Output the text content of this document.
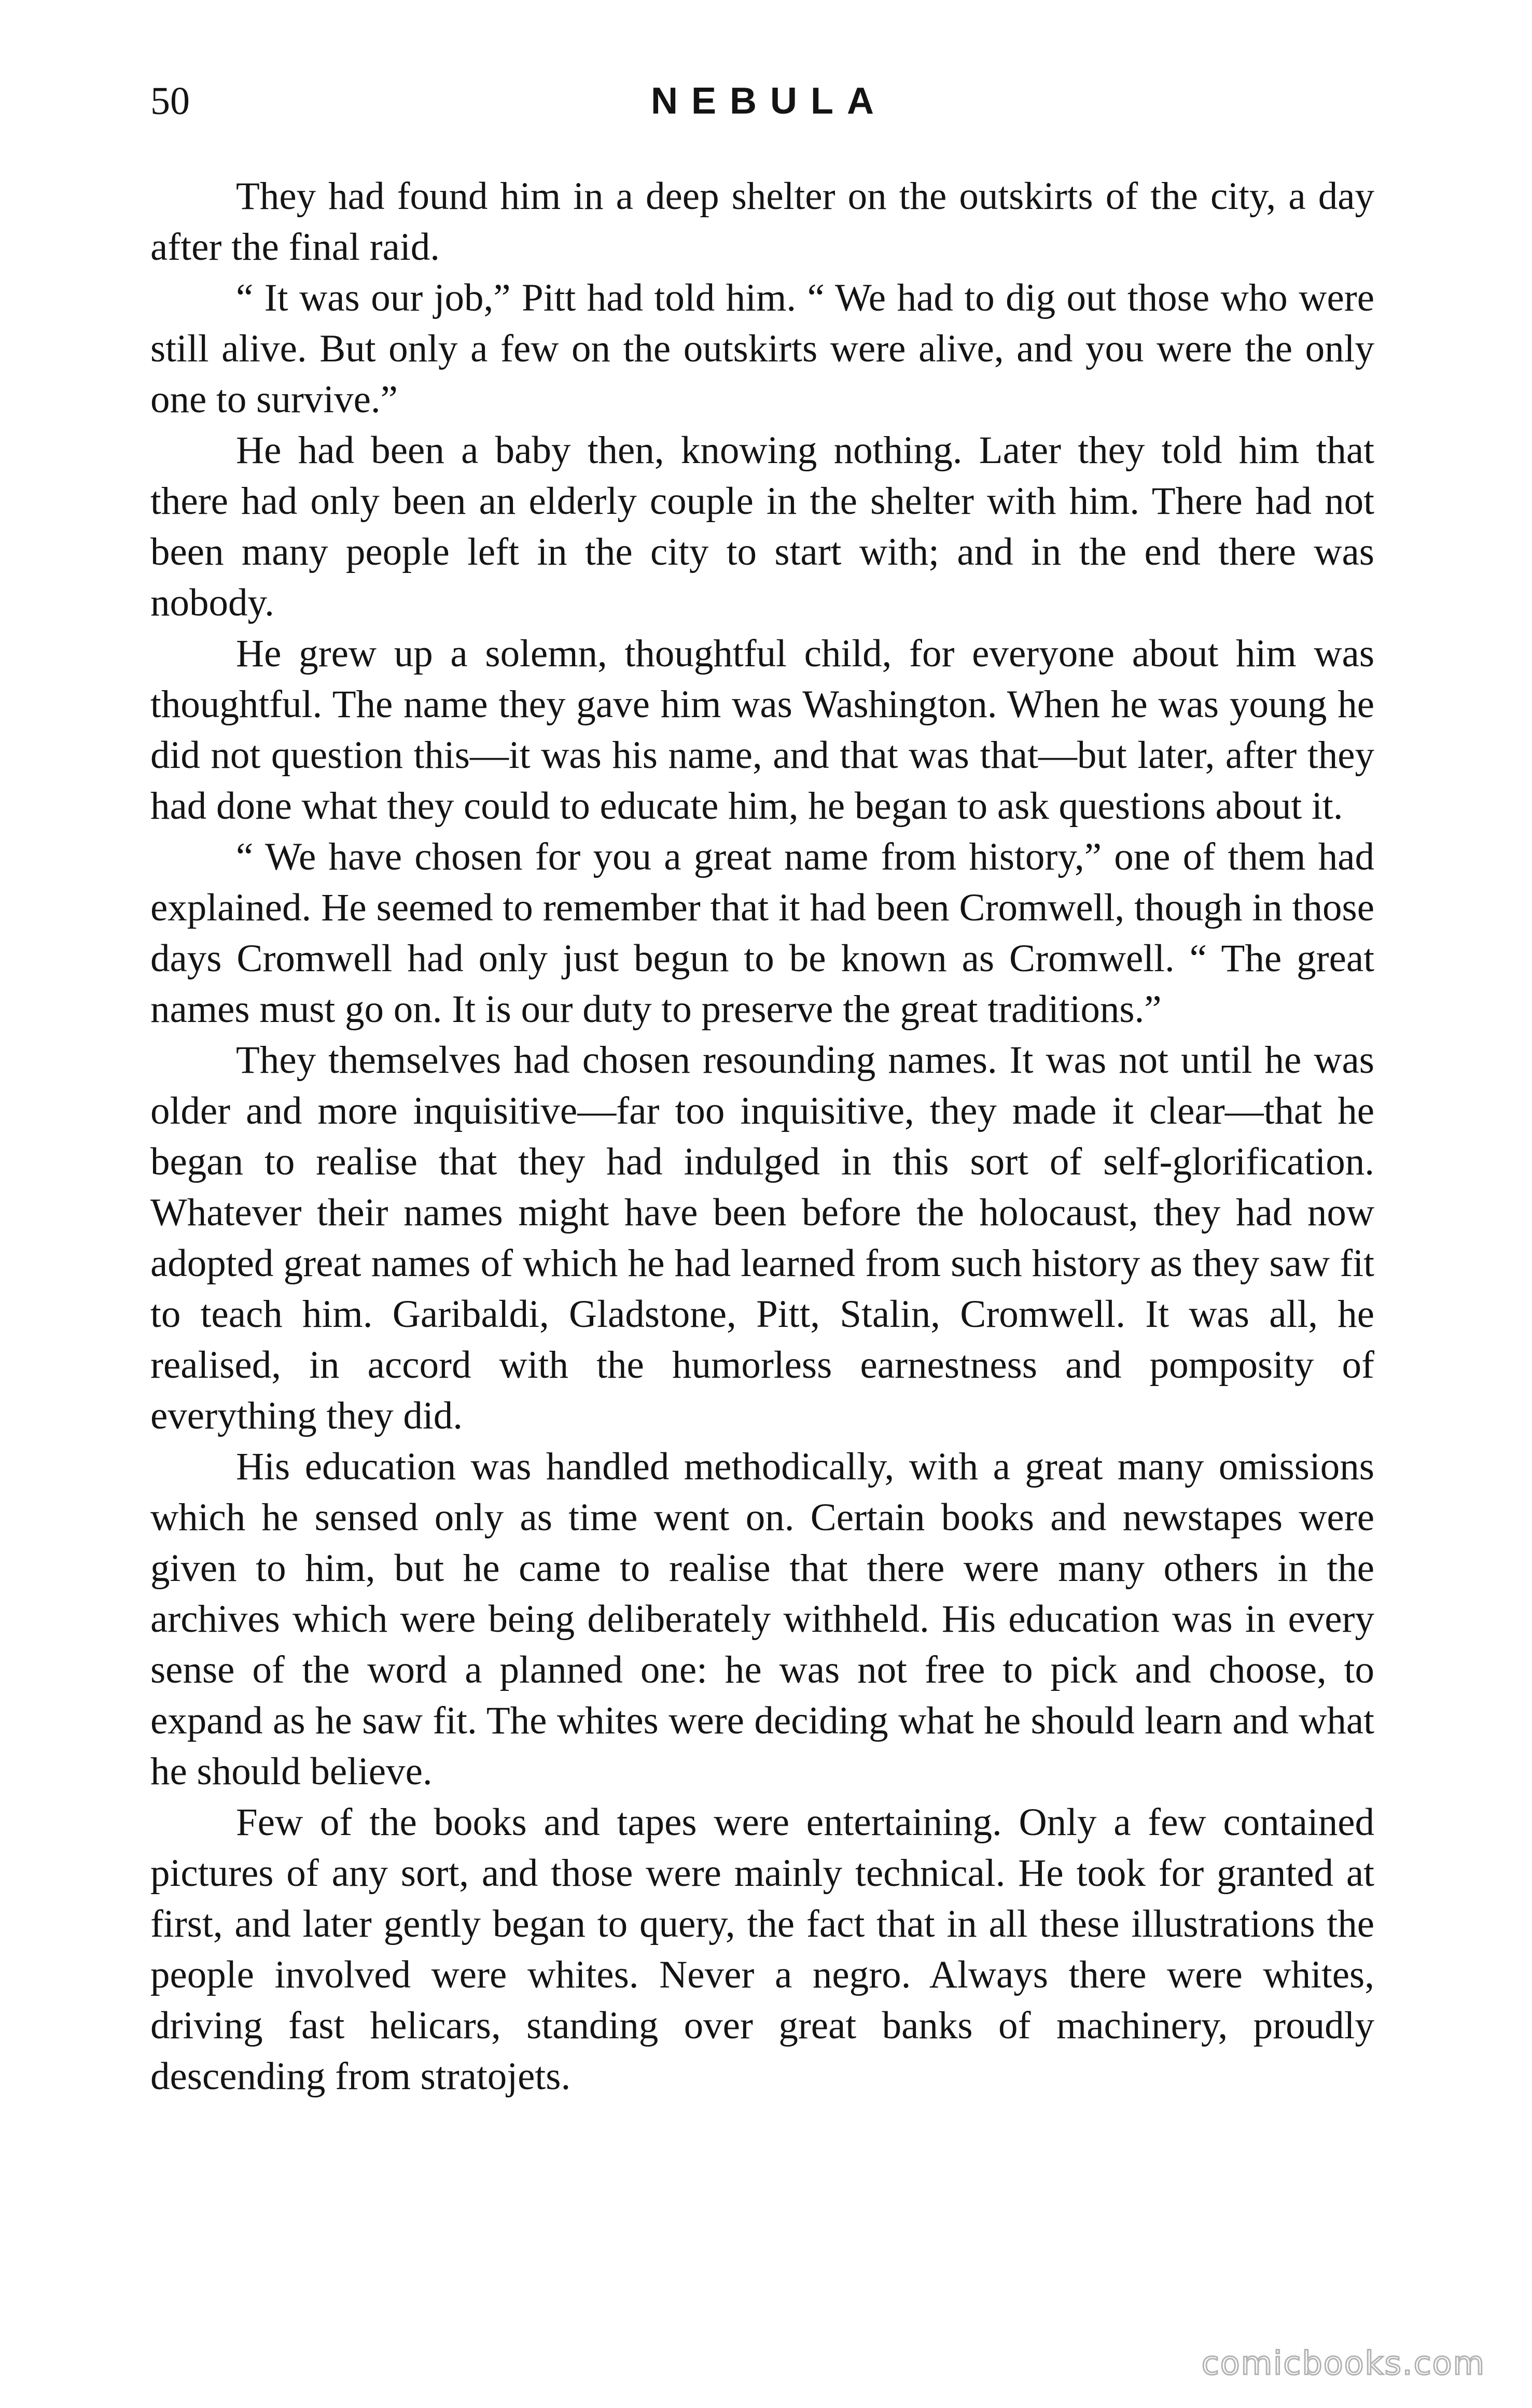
50	NEBULA

They had found him in a deep shelter on the outskirts of the city, a day after the final raid.

“ It was our job,” Pitt had told him. “ We had to dig out those who were still alive. But only a few on the outskirts were alive, and you were the only one to survive.”

He had been a baby then, knowing nothing. Later they told him that there had only been an elderly couple in the shelter with him. There had not been many people left in the city to start with; and in the end there was nobody.

He grew up a solemn, thoughtful child, for everyone about him was thoughtful. The name they gave him was Washington. When he was young he did not question this—it was his name, and that was that—but later, after they had done what they could to educate him, he began to ask questions about it.

“ We have chosen for you a great name from history,” one of them had explained. He seemed to remember that it had been Cromwell, though in those days Cromwell had only just begun to be known as Cromwell. “ The great names must go on. It is our duty to preserve the great traditions.”

They themselves had chosen resounding names. It was not until he was older and more inquisitive—far too inquisitive, they made it clear—that he began to realise that they had indulged in this sort of self-glorification. Whatever their names might have been before the holocaust, they had now adopted great names of which he had learned from such history as they saw fit to teach him. Garibaldi, Gladstone, Pitt, Stalin, Cromwell. It was all, he realised, in accord with the humorless earnestness and pomposity of everything they did.

His education was handled methodically, with a great many omissions which he sensed only as time went on. Certain books and newstapes were given to him, but he came to realise that there were many others in the archives which were being deliberately withheld. His education was in every sense of the word a planned one: he was not free to pick and choose, to expand as he saw fit. The whites were deciding what he should learn and what he should believe.

Few of the books and tapes were entertaining. Only a few contained pictures of any sort, and those were mainly technical. He took for granted at first, and later gently began to query, the fact that in all these illustrations the people involved were whites. Never a negro. Always there were whites, driving fast helicars, standing over great banks of machinery, proudly descending from stratojets.

comicbooks.com
